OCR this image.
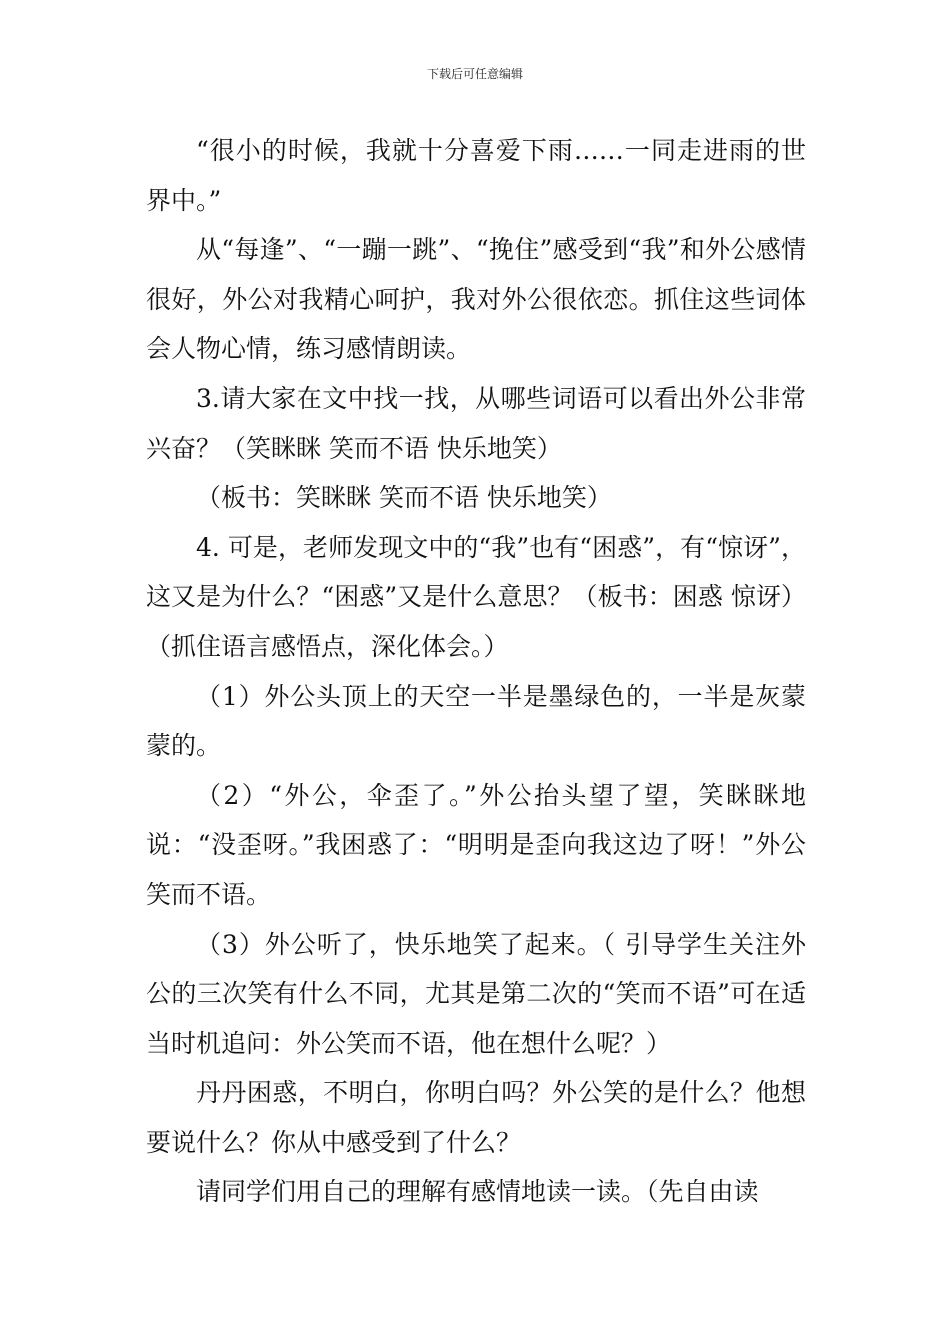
下载后可任意编辑

“很小的时候，我就十分喜爱下雨……一同走进雨的世界中。”

从“每逢”、“一蹦一跳”、“挽住”感受到“我”和外公感情很好，外公对我精心呵护，我对外公很依恋。抓住这些词体会人物心情，练习感情朗读。

3.请大家在文中找一找，从哪些词语可以看出外公非常兴奋？（笑眯眯 笑而不语 快乐地笑）

（板书：笑眯眯 笑而不语 快乐地笑）

4. 可是，老师发现文中的“我”也有“困惑”，有“惊讶”，这又是为什么？“困惑”又是什么意思？（板书：困惑 惊讶） （抓住语言感悟点，深化体会。）

（1）外公头顶上的天空一半是墨绿色的，一半是灰蒙蒙的。

（2）“外公，伞歪了。”外公抬头望了望，笑眯眯地说：“没歪呀。”我困惑了：“明明是歪向我这边了呀！”外公笑而不语。

（3）外公听了，快乐地笑了起来。（ 引导学生关注外公的三次笑有什么不同，尤其是第二次的“笑而不语”可在适当时机追问：外公笑而不语，他在想什么呢？）

丹丹困惑，不明白，你明白吗？外公笑的是什么？他想要说什么？你从中感受到了什么？

请同学们用自己的理解有感情地读一读。（先自由读
